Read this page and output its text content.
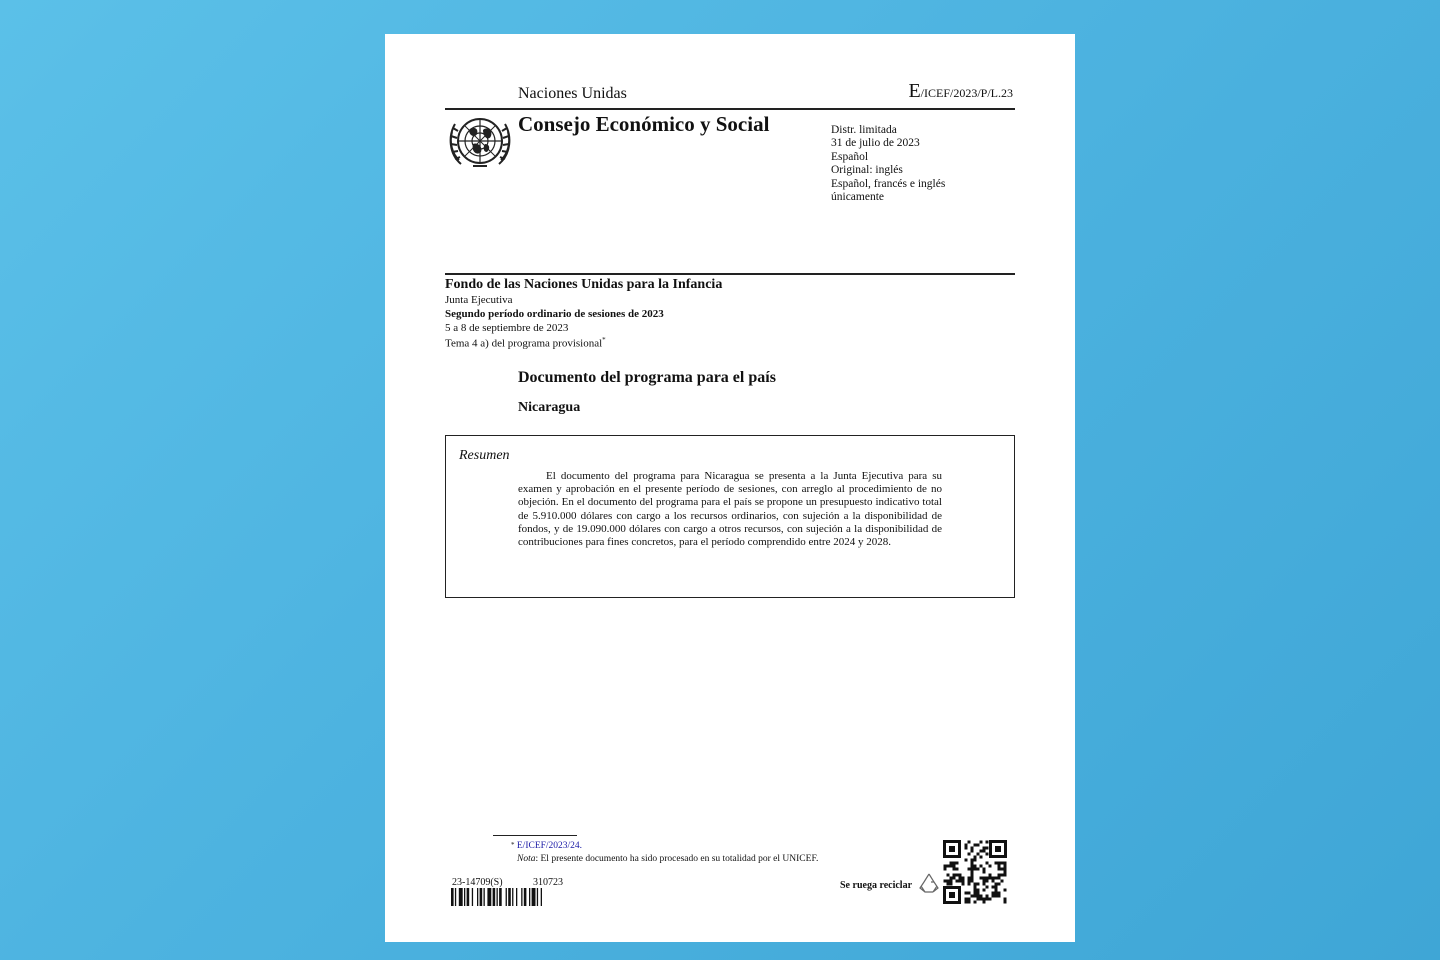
Naciones Unidas	E/ICEF/2023/P/L.23
Consejo Económico y Social	Distr. limitada
31 de julio de 2023
Español
Original: inglés
Español, francés e inglés
únicamente
Fondo de las Naciones Unidas para la Infancia
Junta Ejecutiva
Segundo período ordinario de sesiones de 2023
5 a 8 de septiembre de 2023
Tema 4 a) del programa provisional*
Documento del programa para el país
Nicaragua
Resumen
El documento del programa para Nicaragua se presenta a la Junta Ejecutiva para su examen y aprobación en el presente período de sesiones, con arreglo al procedimiento de no objeción. En el documento del programa para el país se propone un presupuesto indicativo total de 5.910.000 dólares con cargo a los recursos ordinarios, con sujeción a la disponibilidad de fondos, y de 19.090.000 dólares con cargo a otros recursos, con sujeción a la disponibilidad de contribuciones para fines concretos, para el período comprendido entre 2024 y 2028.
* E/ICEF/2023/24.
Nota: El presente documento ha sido procesado en su totalidad por el UNICEF.
23-14709(S)	310723	Se ruega reciclar
